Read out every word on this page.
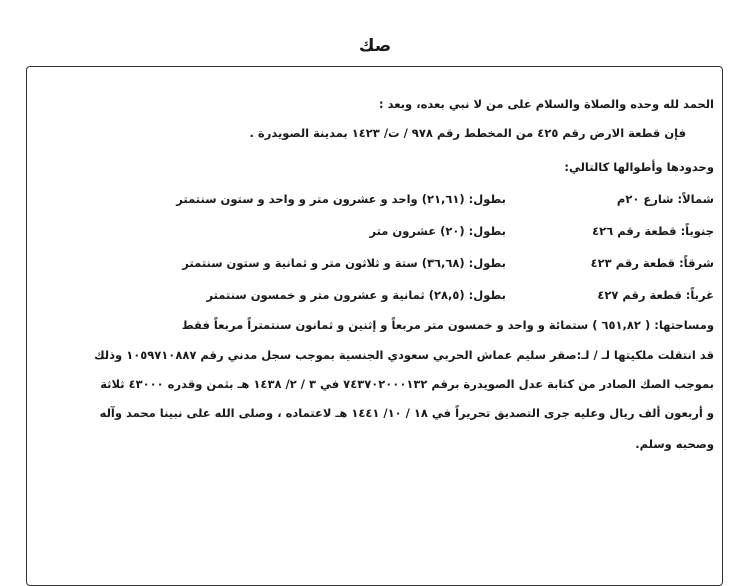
صك
الحمد لله وحده والصلاة والسلام على من لا نبي بعده، وبعد :
فإن قطعة الارض رقم ٤٢٥ من المخطط رقم ٩٧٨ / ت/ ١٤٢٣ بمدينة الصويدرة .
وحدودها وأطوالها كالتالي:
شمالاً: شارع ٢٠م
بطول: (٢١,٦١) واحد و عشرون متر و واحد و ستون سنتمتر
جنوباً: قطعة رقم ٤٢٦
بطول: (٢٠) عشرون متر
شرقاً: قطعة رقم ٤٢٣
بطول: (٣٦,٦٨) ستة و ثلاثون متر و ثمانية و ستون سنتمتر
غرباً: قطعة رقم ٤٢٧
بطول: (٢٨,٥) ثمانية و عشرون متر و خمسون سنتمتر
ومساحتها: ( ٦٥١,٨٢ ) ستمائة و واحد و خمسون متر مربعاً و إثنين و ثمانون سنتمتراً مربعاً فقط
قد انتقلت ملكيتها لـ / لـ:صقر سليم عماش الحربي سعودي الجنسية بموجب سجل مدني رقم ١٠٥٩٧١٠٨٨٧ وذلك
بموجب الصك الصادر من كتابة عدل الصويدرة برقم ٧٤٣٧٠٢٠٠٠١٣٢ في ٣ / ٢/ ١٤٣٨ هـ بثمن وقدره ٤٣٠٠٠ ثلاثة
و أربعون ألف ريال وعليه جرى التصديق تحريراً في ١٨ / ١٠/ ١٤٤١ هـ لاعتماده ، وصلى الله على نبينا محمد وآله
وصحبه وسلم.
